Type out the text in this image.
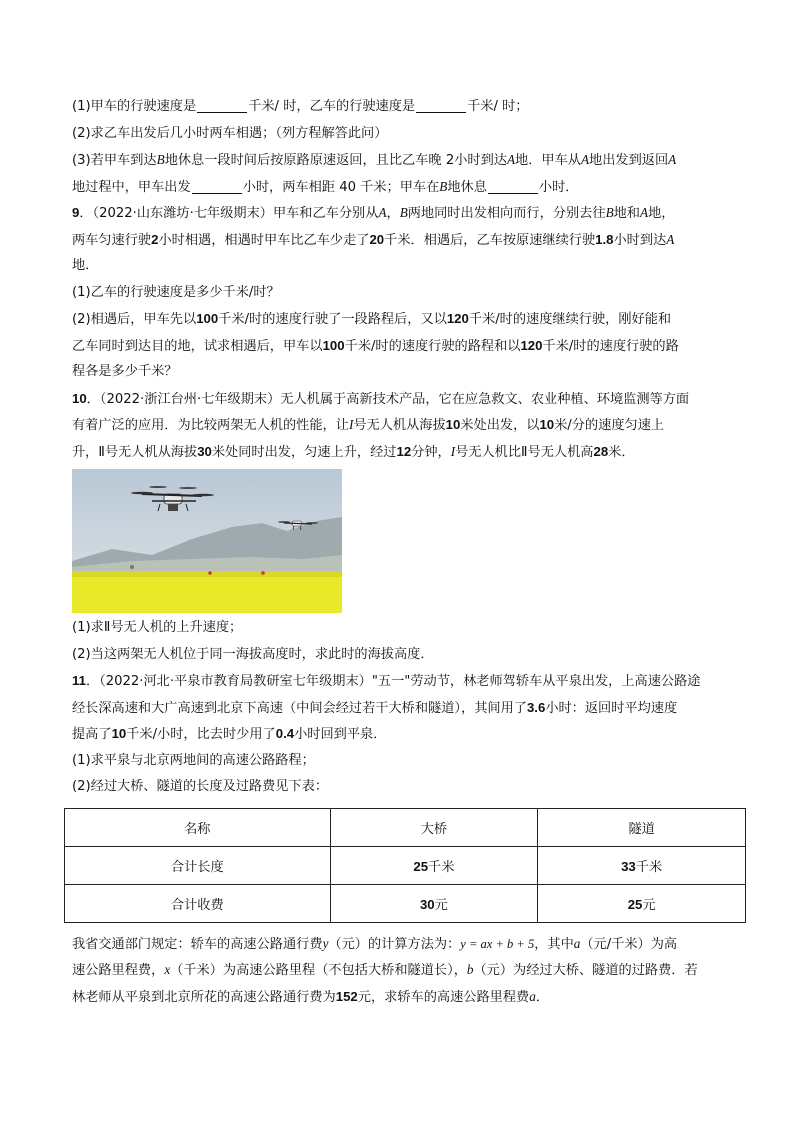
(1)甲车的行驶速度是	千米/ 时，乙车的行驶速度是	千米/ 时；
(2)求乙车出发后几小时两车相遇；（列方程解答此问）
(3)若甲车到达B地休息一段时间后按原路原速返回，且比乙车晚 2小时到达A地．甲车从A地出发到返回A
地过程中，甲车出发	小时，两车相距 40 千米；甲车在B地休息	小时．
9．（2022·山东潍坊·七年级期末）甲车和乙车分别从A，B两地同时出发相向而行，分别去往B地和A地，
两车匀速行驶2小时相遇，相遇时甲车比乙车少走了20千米．相遇后，乙车按原速继续行驶1.8小时到达A
地．
(1)乙车的行驶速度是多少千米/时？
(2)相遇后，甲车先以100千米/时的速度行驶了一段路程后，又以120千米/时的速度继续行驶，刚好能和
乙车同时到达目的地，试求相遇后，甲车以100千米/时的速度行驶的路程和以120千米/时的速度行驶的路
程各是多少千米？
10．（2022·浙江台州·七年级期末）无人机属于高新技术产品，它在应急救文、农业种植、环境监测等方面
有着广泛的应用．为比较两架无人机的性能，让I号无人机从海拔10米处出发，以10米/分的速度匀速上
升，Ⅱ号无人机从海拔30米处同时出发，匀速上升，经过12分钟，I号无人机比Ⅱ号无人机高28米．
(1)求Ⅱ号无人机的上升速度；
(2)当这两架无人机位于同一海拔高度时，求此时的海拔高度．
11．（2022·河北·平泉市教育局教研室七年级期末）"五一"劳动节，林老师驾轿车从平泉出发，上高速公路途
经长深高速和大广高速到北京下高速（中间会经过若干大桥和隧道），其间用了3.6小时：返回时平均速度
提高了10千米/小时，比去时少用了0.4小时回到平泉．
(1)求平泉与北京两地间的高速公路路程；
(2)经过大桥、隧道的长度及过路费见下表：
名称	大桥	隧道
合计长度	25千米	33千米
合计收费	30元	25元
我省交通部门规定：轿车的高速公路通行费y（元）的计算方法为：y = ax + b + 5，其中a（元/千米）为高
速公路里程费，x（千米）为高速公路里程（不包括大桥和隧道长），b（元）为经过大桥、隧道的过路费．若
林老师从平泉到北京所花的高速公路通行费为152元，求轿车的高速公路里程费a．
